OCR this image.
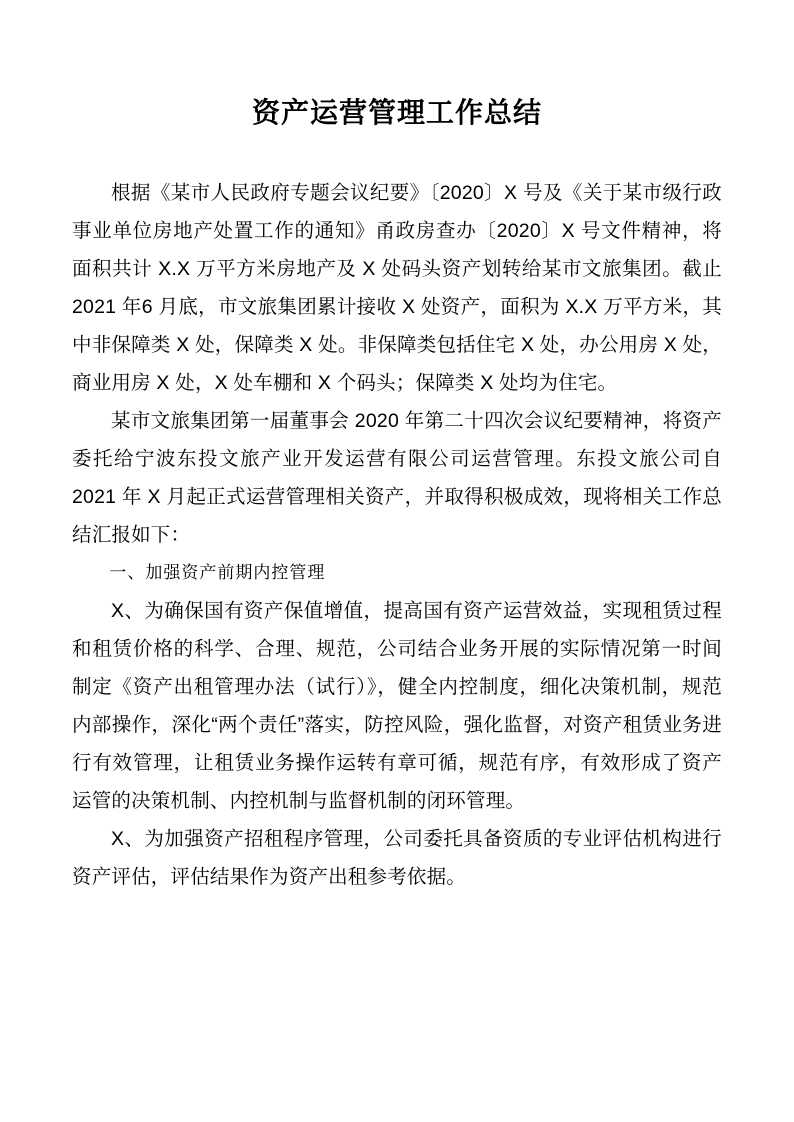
资产运营管理工作总结

根据《某市人民政府专题会议纪要》〔2020〕X 号及《关于某市级行政事业单位房地产处置工作的通知》甬政房查办〔2020〕X 号文件精神，将面积共计 X.X 万平方米房地产及 X 处码头资产划转给某市文旅集团。截止 2021 年6 月底，市文旅集团累计接收 X 处资产，面积为 X.X 万平方米，其中非保障类 X 处，保障类 X 处。非保障类包括住宅 X 处，办公用房 X 处，商业用房 X 处，X 处车棚和 X 个码头；保障类 X 处均为住宅。

某市文旅集团第一届董事会 2020 年第二十四次会议纪要精神，将资产委托给宁波东投文旅产业开发运营有限公司运营管理。东投文旅公司自 2021 年 X 月起正式运营管理相关资产，并取得积极成效，现将相关工作总结汇报如下：

一、加强资产前期内控管理

X、为确保国有资产保值增值，提高国有资产运营效益，实现租赁过程和租赁价格的科学、合理、规范，公司结合业务开展的实际情况第一时间制定《资产出租管理办法（试行）》，健全内控制度，细化决策机制，规范内部操作，深化“两个责任”落实，防控风险，强化监督，对资产租赁业务进行有效管理，让租赁业务操作运转有章可循，规范有序，有效形成了资产运管的决策机制、内控机制与监督机制的闭环管理。

X、为加强资产招租程序管理，公司委托具备资质的专业评估机构进行资产评估，评估结果作为资产出租参考依据。
